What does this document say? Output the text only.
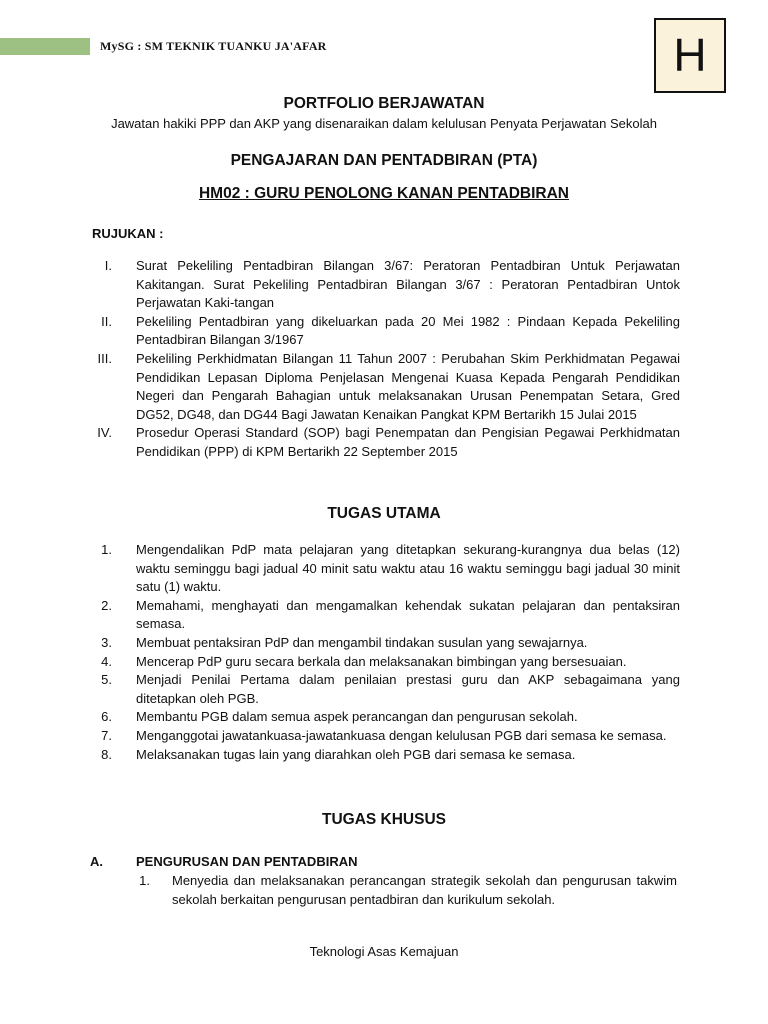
MySG : SM TEKNIK TUANKU JA'AFAR	H
PORTFOLIO BERJAWATAN
Jawatan hakiki PPP dan AKP yang disenaraikan dalam kelulusan Penyata Perjawatan Sekolah
PENGAJARAN DAN PENTADBIRAN (PTA)
HM02 : GURU PENOLONG KANAN PENTADBIRAN
RUJUKAN :
I. Surat Pekeliling Pentadbiran Bilangan 3/67: Peratoran Pentadbiran Untuk Perjawatan Kakitangan. Surat Pekeliling Pentadbiran Bilangan 3/67 : Peratoran Pentadbiran Untok Perjawatan Kaki-tangan
II. Pekeliling Pentadbiran yang dikeluarkan pada 20 Mei 1982 : Pindaan Kepada Pekeliling Pentadbiran Bilangan 3/1967
III. Pekeliling Perkhidmatan Bilangan 11 Tahun 2007 : Perubahan Skim Perkhidmatan Pegawai Pendidikan Lepasan Diploma Penjelasan Mengenai Kuasa Kepada Pengarah Pendidikan Negeri dan Pengarah Bahagian untuk melaksanakan Urusan Penempatan Setara, Gred DG52, DG48, dan DG44 Bagi Jawatan Kenaikan Pangkat KPM Bertarikh 15 Julai 2015
IV. Prosedur Operasi Standard (SOP) bagi Penempatan dan Pengisian Pegawai Perkhidmatan Pendidikan (PPP) di KPM Bertarikh 22 September 2015
TUGAS UTAMA
1. Mengendalikan PdP mata pelajaran yang ditetapkan sekurang-kurangnya dua belas (12) waktu seminggu bagi jadual 40 minit satu waktu atau 16 waktu seminggu bagi jadual 30 minit satu (1) waktu.
2. Memahami, menghayati dan mengamalkan kehendak sukatan pelajaran dan pentaksiran semasa.
3. Membuat pentaksiran PdP dan mengambil tindakan susulan yang sewajarnya.
4. Mencerap PdP guru secara berkala dan melaksanakan bimbingan yang bersesuaian.
5. Menjadi Penilai Pertama dalam penilaian prestasi guru dan AKP sebagaimana yang ditetapkan oleh PGB.
6. Membantu PGB dalam semua aspek perancangan dan pengurusan sekolah.
7. Menganggotai jawatankuasa-jawatankuasa dengan kelulusan PGB dari semasa ke semasa.
8. Melaksanakan tugas lain yang diarahkan oleh PGB dari semasa ke semasa.
TUGAS KHUSUS
A.	PENGURUSAN DAN PENTADBIRAN
1. Menyedia dan melaksanakan perancangan strategik sekolah dan pengurusan takwim sekolah berkaitan pengurusan pentadbiran dan kurikulum sekolah.
Teknologi Asas Kemajuan
